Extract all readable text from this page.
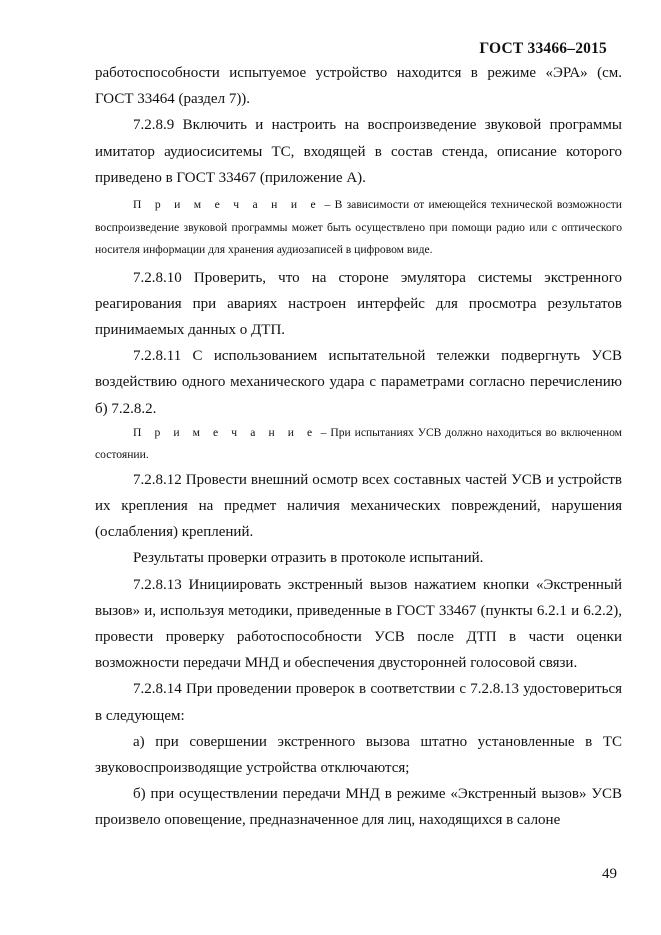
ГОСТ 33466–2015

работоспособности испытуемое устройство находится в режиме «ЭРА» (см. ГОСТ 33464 (раздел 7)).

7.2.8.9 Включить и настроить на воспроизведение звуковой программы имитатор аудиосиситемы ТС, входящей в состав стенда, описание которого приведено в ГОСТ 33467 (приложение А).

П р и м е ч а н и е – В зависимости от имеющейся технической возможности воспроизведение звуковой программы может быть осуществлено при помощи радио или с оптического носителя информации для хранения аудиозаписей в цифровом виде.

7.2.8.10 Проверить, что на стороне эмулятора системы экстренного реагирования при авариях настроен интерфейс для просмотра результатов принимаемых данных о ДТП.

7.2.8.11 С использованием испытательной тележки подвергнуть УСВ воздействию одного механического удара с параметрами согласно перечислению б) 7.2.8.2.

П р и м е ч а н и е – При испытаниях УСВ должно находиться во включенном состоянии.

7.2.8.12 Провести внешний осмотр всех составных частей УСВ и устройств их крепления на предмет наличия механических повреждений, нарушения (ослабления) креплений.

Результаты проверки отразить в протоколе испытаний.

7.2.8.13 Инициировать экстренный вызов нажатием кнопки «Экстренный вызов» и, используя методики, приведенные в ГОСТ 33467 (пункты 6.2.1 и 6.2.2), провести проверку работоспособности УСВ после ДТП в части оценки возможности передачи МНД и обеспечения двусторонней голосовой связи.

7.2.8.14 При проведении проверок в соответствии с 7.2.8.13 удостовериться в следующем:

а) при совершении экстренного вызова штатно установленные в ТС звуковоспроизводящие устройства отключаются;

б) при осуществлении передачи МНД в режиме «Экстренный вызов» УСВ произвело оповещение, предназначенное для лиц, находящихся в салоне

49
